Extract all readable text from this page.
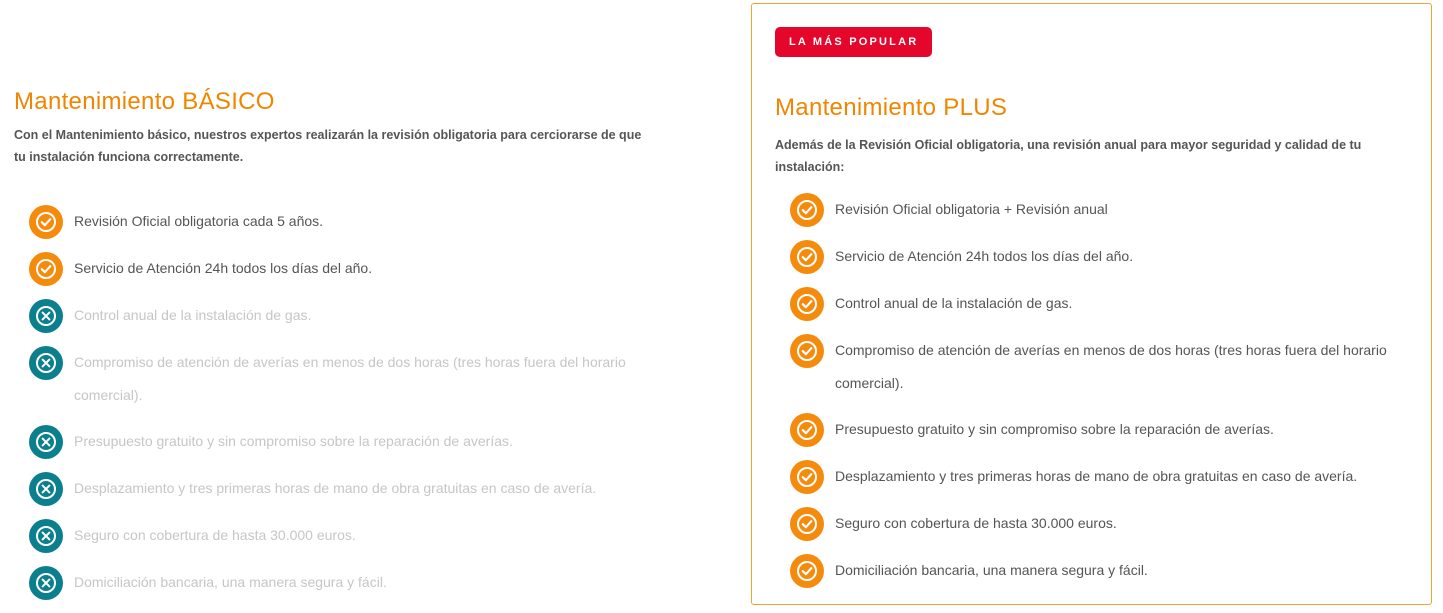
Mantenimiento BÁSICO

Con el Mantenimiento básico, nuestros expertos realizarán la revisión obligatoria para cerciorarse de que tu instalación funciona correctamente.

Revisión Oficial obligatoria cada 5 años.
Servicio de Atención 24h todos los días del año.
Control anual de la instalación de gas.
Compromiso de atención de averías en menos de dos horas (tres horas fuera del horario comercial).
Presupuesto gratuito y sin compromiso sobre la reparación de averías.
Desplazamiento y tres primeras horas de mano de obra gratuitas en caso de avería.
Seguro con cobertura de hasta 30.000 euros.
Domiciliación bancaria, una manera segura y fácil.
LA MÁS POPULAR
Mantenimiento PLUS

Además de la Revisión Oficial obligatoria, una revisión anual para mayor seguridad y calidad de tu instalación:

Revisión Oficial obligatoria + Revisión anual
Servicio de Atención 24h todos los días del año.
Control anual de la instalación de gas.
Compromiso de atención de averías en menos de dos horas (tres horas fuera del horario comercial).
Presupuesto gratuito y sin compromiso sobre la reparación de averías.
Desplazamiento y tres primeras horas de mano de obra gratuitas en caso de avería.
Seguro con cobertura de hasta 30.000 euros.
Domiciliación bancaria, una manera segura y fácil.
